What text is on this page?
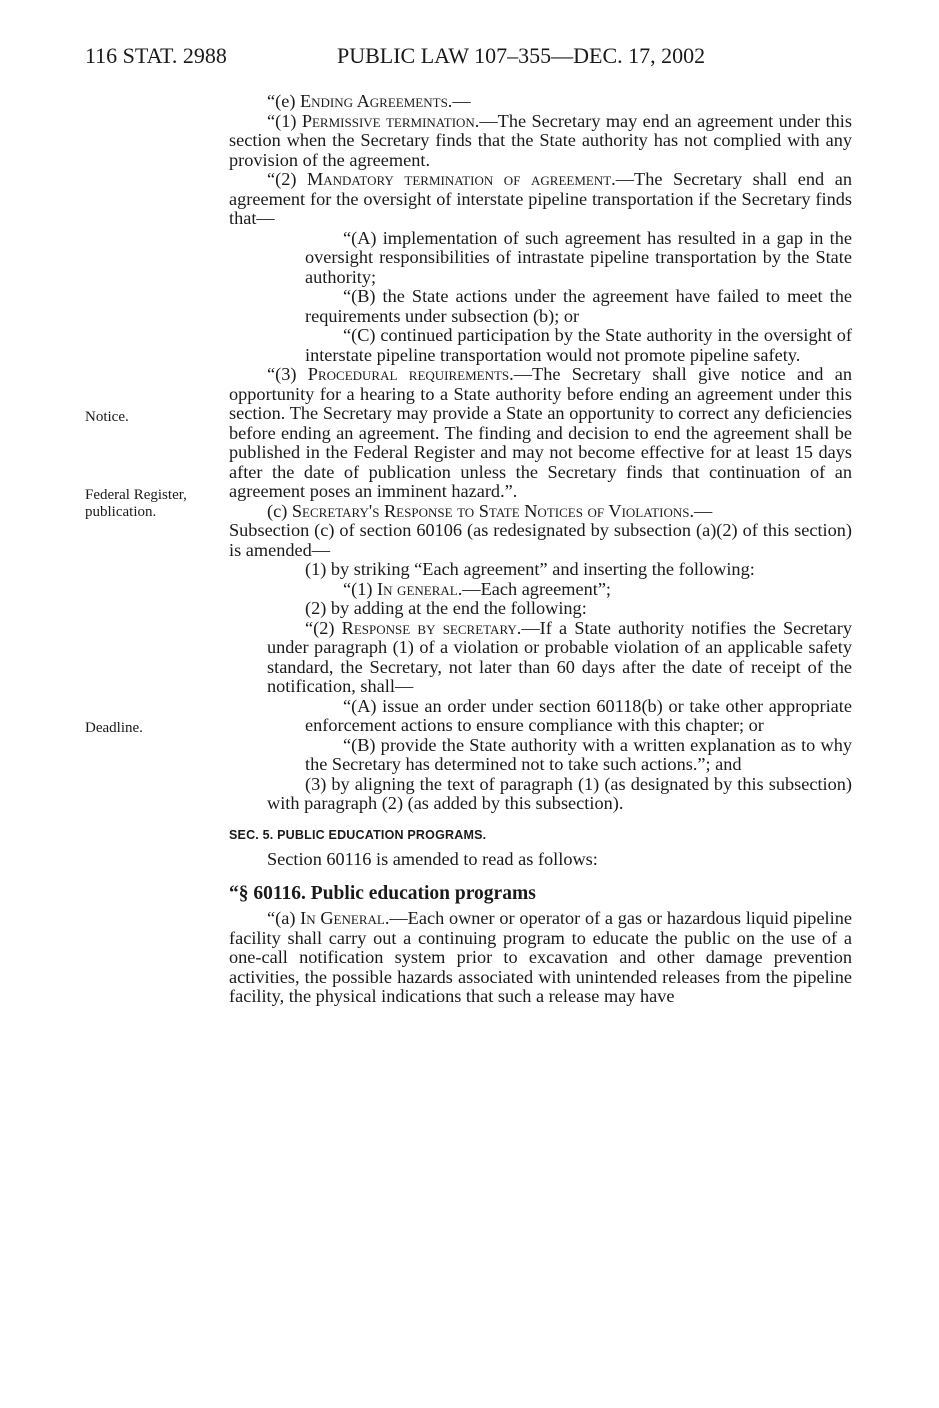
116 STAT. 2988	PUBLIC LAW 107–355—DEC. 17, 2002
Notice.
Federal Register,
publication.
Deadline.

“(e) Ending Agreements.—

“(1) Permissive termination.—The Secretary may end an agreement under this section when the Secretary finds that the State authority has not complied with any provision of the agreement.

“(2) Mandatory termination of agreement.—The Secretary shall end an agreement for the oversight of interstate pipeline transportation if the Secretary finds that—

“(A) implementation of such agreement has resulted in a gap in the oversight responsibilities of intrastate pipeline transportation by the State authority;

“(B) the State actions under the agreement have failed to meet the requirements under subsection (b); or

“(C) continued participation by the State authority in the oversight of interstate pipeline transportation would not promote pipeline safety.

“(3) Procedural requirements.—The Secretary shall give notice and an opportunity for a hearing to a State authority before ending an agreement under this section. The Secretary may provide a State an opportunity to correct any deficiencies before ending an agreement. The finding and decision to end the agreement shall be published in the Federal Register and may not become effective for at least 15 days after the date of publication unless the Secretary finds that continuation of an agreement poses an imminent hazard.”.

(c) Secretary's Response to State Notices of Violations.—

Subsection (c) of section 60106 (as redesignated by subsection (a)(2) of this section) is amended—

(1) by striking “Each agreement” and inserting the following:

“(1) In general.—Each agreement”;

(2) by adding at the end the following:

“(2) Response by secretary.—If a State authority notifies the Secretary under paragraph (1) of a violation or probable violation of an applicable safety standard, the Secretary, not later than 60 days after the date of receipt of the notification, shall—

“(A) issue an order under section 60118(b) or take other appropriate enforcement actions to ensure compliance with this chapter; or

“(B) provide the State authority with a written explanation as to why the Secretary has determined not to take such actions.”; and

(3) by aligning the text of paragraph (1) (as designated by this subsection) with paragraph (2) (as added by this subsection).

SEC. 5. PUBLIC EDUCATION PROGRAMS.

Section 60116 is amended to read as follows:

“§ 60116. Public education programs

“(a) In General.—Each owner or operator of a gas or hazardous liquid pipeline facility shall carry out a continuing program to educate the public on the use of a one-call notification system prior to excavation and other damage prevention activities, the possible hazards associated with unintended releases from the pipeline facility, the physical indications that such a release may have
